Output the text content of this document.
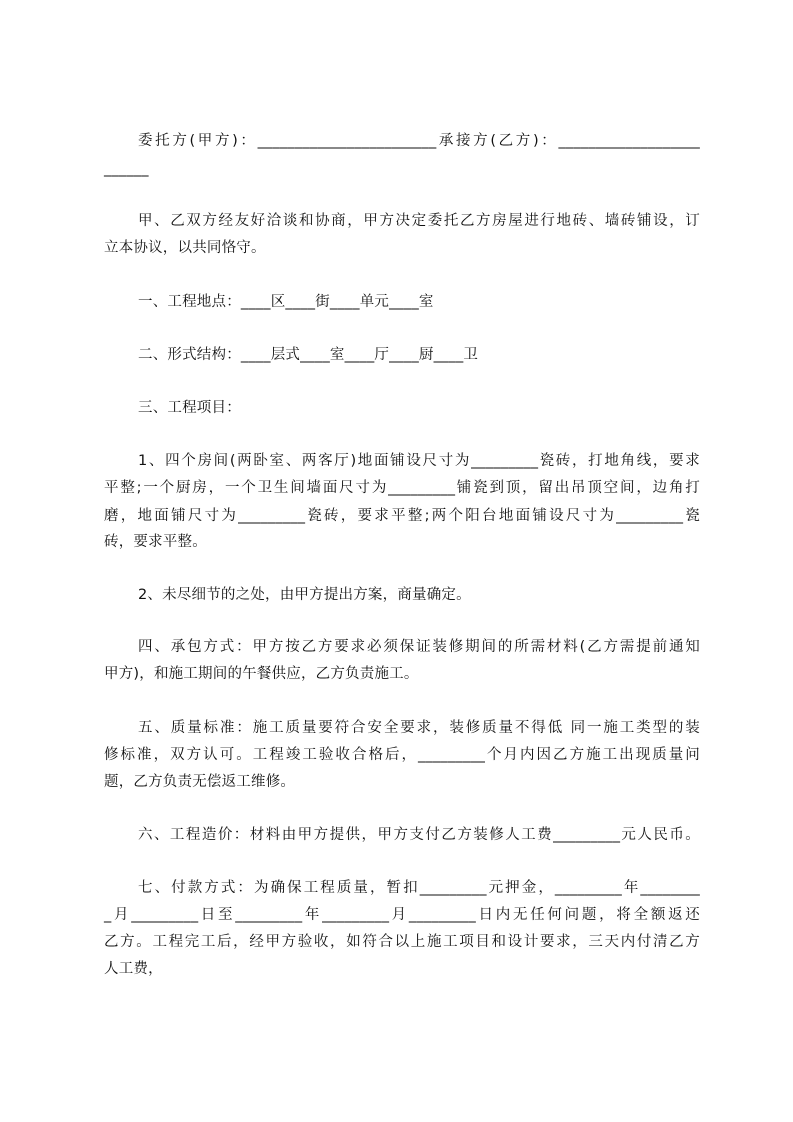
委托方(甲方)：________________________承接方(乙方)：___________________
______
甲、乙双方经友好洽谈和协商，甲方决定委托乙方房屋进行地砖、墙砖铺设，订
立本协议，以共同恪守。
一、工程地点：____区____街____单元____室
二、形式结构：____层式____室____厅____厨____卫
三、工程项目：
1、四个房间(两卧室、两客厅)地面铺设尺寸为_________瓷砖，打地角线，要求
平整;一个厨房，一个卫生间墙面尺寸为_________铺瓷到顶，留出吊顶空间，边角打
磨，地面铺尺寸为_________瓷砖，要求平整;两个阳台地面铺设尺寸为_________瓷
砖，要求平整。
2、未尽细节的之处，由甲方提出方案，商量确定。
四、承包方式：甲方按乙方要求必须保证装修期间的所需材料(乙方需提前通知
甲方)，和施工期间的午餐供应，乙方负责施工。
五、质量标准：施工质量要符合安全要求，装修质量不得低 同一施工类型的装
修标准，双方认可。工程竣工验收合格后，_________个月内因乙方施工出现质量问
题，乙方负责无偿返工维修。
六、工程造价：材料由甲方提供，甲方支付乙方装修人工费_________元人民币。
七、付款方式：为确保工程质量，暂扣_________元押金，_________年________
_月_________日至_________年_________月_________日内无任何问题，将全额返还
乙方。工程完工后，经甲方验收，如符合以上施工项目和设计要求，三天内付清乙方
人工费，
